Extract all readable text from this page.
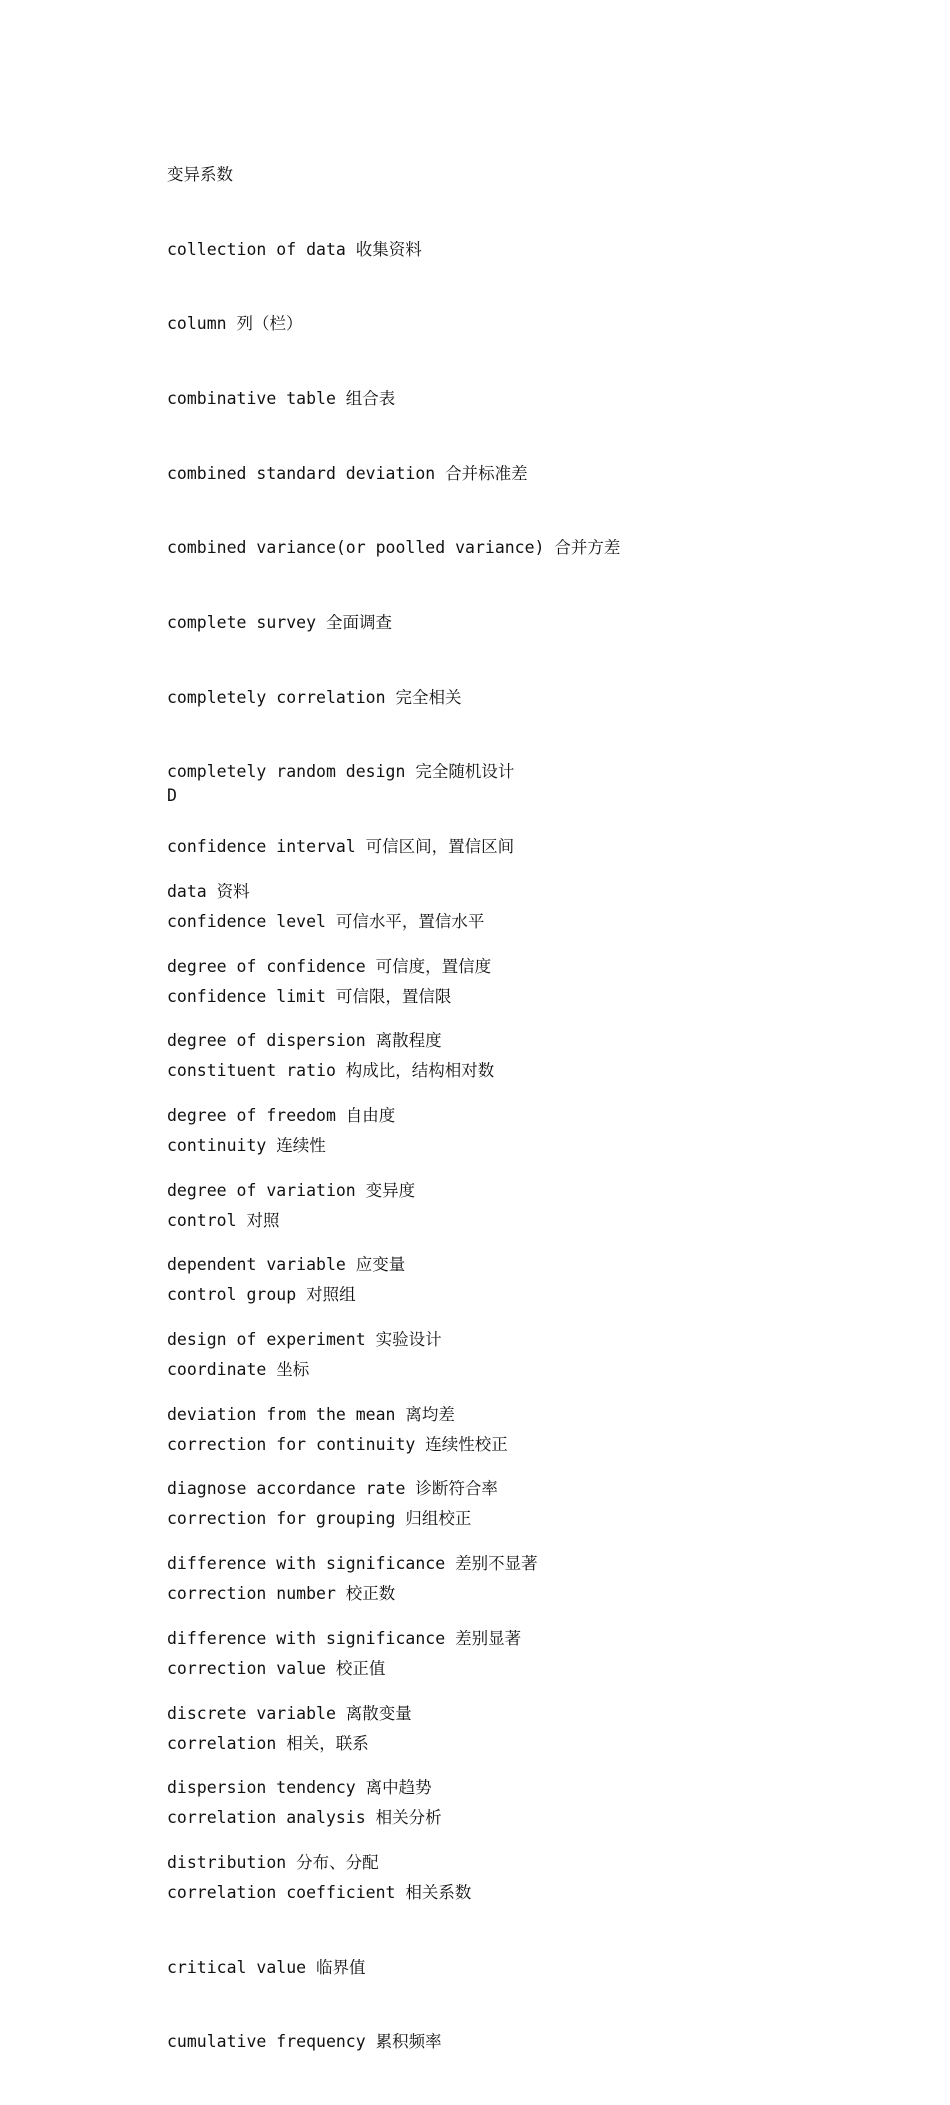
变异系数

collection of data 收集资料

column 列（栏）

combinative table 组合表

combined standard deviation 合并标准差

combined variance(or poolled variance) 合并方差

complete survey 全面调查

completely correlation 完全相关

completely random design 完全随机设计

confidence interval 可信区间，置信区间

confidence level 可信水平，置信水平

confidence limit 可信限，置信限

constituent ratio 构成比，结构相对数

continuity 连续性

control 对照

control group 对照组

coordinate 坐标

correction for continuity 连续性校正

correction for grouping 归组校正

correction number 校正数

correction value 校正值

correlation 相关，联系

correlation analysis 相关分析

correlation coefficient 相关系数

critical value 临界值

cumulative frequency 累积频率

D

data 资料

degree of confidence 可信度，置信度

degree of dispersion 离散程度

degree of freedom 自由度

degree of variation 变异度

dependent variable 应变量

design of experiment 实验设计

deviation from the mean 离均差

diagnose accordance rate 诊断符合率

difference with significance 差别不显著

difference with significance 差别显著

discrete variable 离散变量

dispersion tendency 离中趋势

distribution 分布、分配
